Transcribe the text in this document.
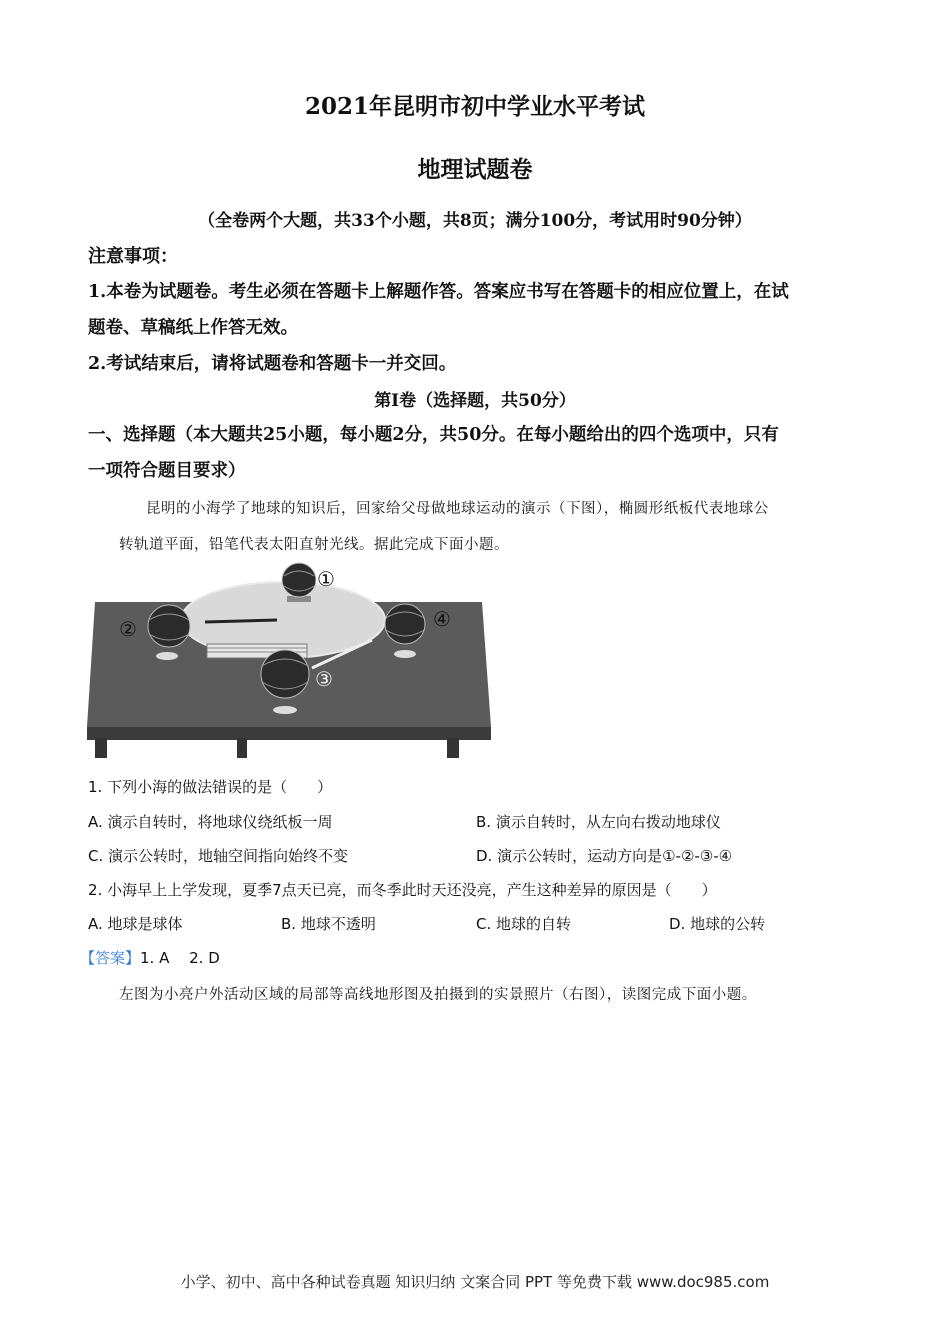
2021年昆明市初中学业水平考试
地理试题卷
（全卷两个大题，共33个小题，共8页；满分100分，考试用时90分钟）
注意事项：
1.本卷为试题卷。考生必须在答题卡上解题作答。答案应书写在答题卡的相应位置上，在试
题卷、草稿纸上作答无效。
2.考试结束后，请将试题卷和答题卡一并交回。
第Ⅰ卷（选择题，共50分）
一、选择题（本大题共25小题，每小题2分，共50分。在每小题给出的四个选项中，只有
一项符合题目要求）
昆明的小海学了地球的知识后，回家给父母做地球运动的演示（下图），椭圆形纸板代表地球公
转轨道平面，铅笔代表太阳直射光线。据此完成下面小题。
①
②
③
④
1. 下列小海的做法错误的是（　　）
A. 演示自转时，将地球仪绕纸板一周	B. 演示自转时，从左向右拨动地球仪
C. 演示公转时，地轴空间指向始终不变	D. 演示公转时，运动方向是①-②-③-④
2. 小海早上上学发现，夏季7点天已亮，而冬季此时天还没亮，产生这种差异的原因是（　　）
A. 地球是球体	B. 地球不透明	C. 地球的自转	D. 地球的公转
【答案】1. A　 2. D
左图为小亮户外活动区域的局部等高线地形图及拍摄到的实景照片（右图），读图完成下面小题。
小学、初中、高中各种试卷真题 知识归纳 文案合同 PPT 等免费下载 www.doc985.com
